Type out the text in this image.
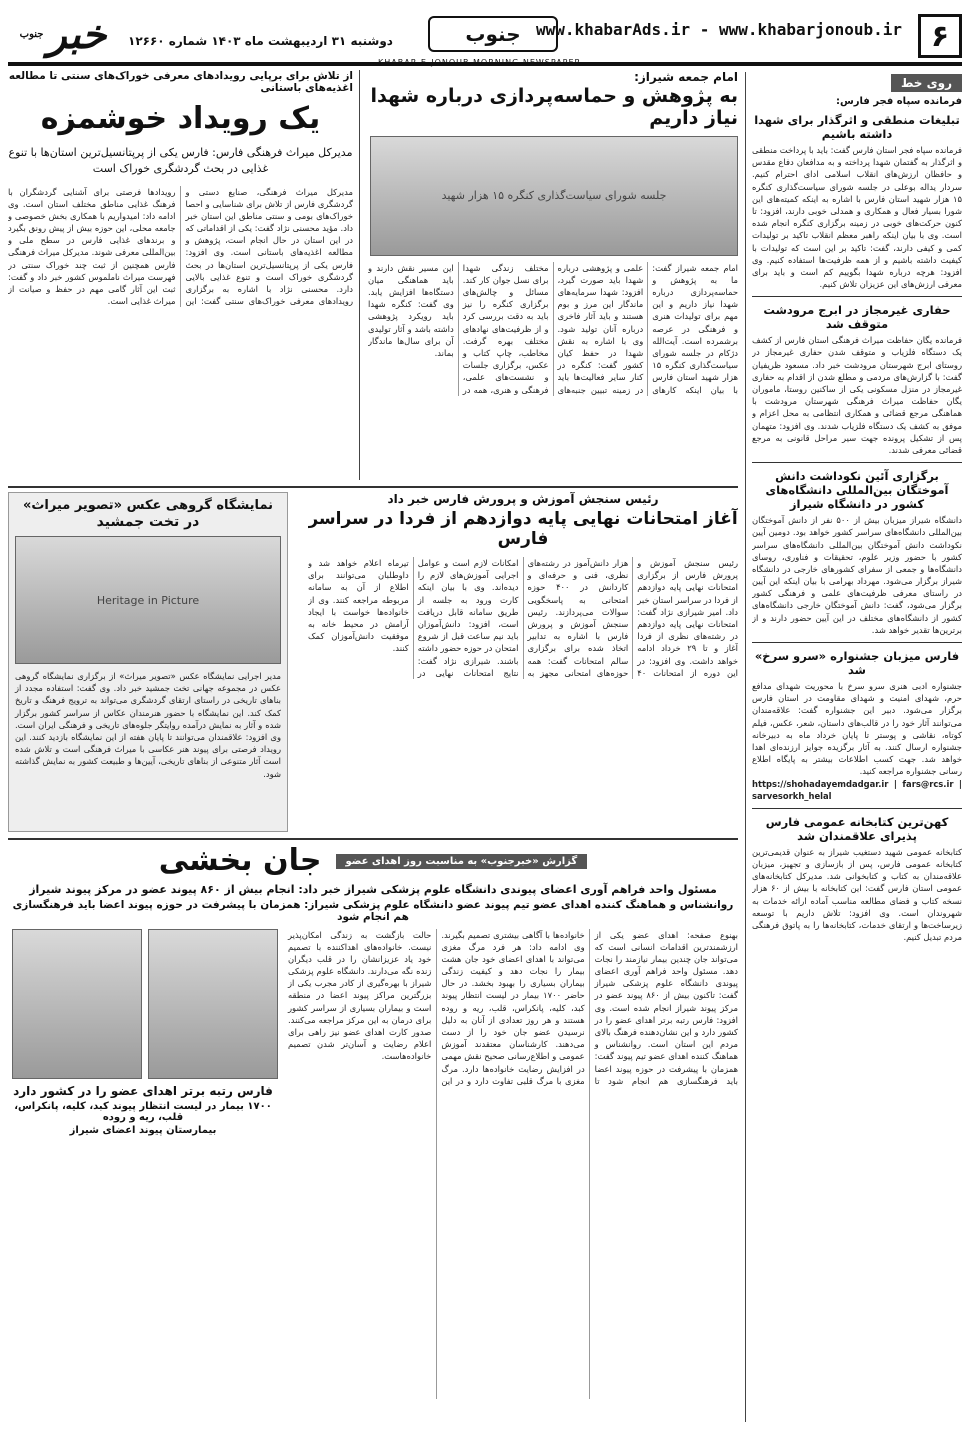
۶
www.khabarAds.ir - www.khabarjonoub.ir
جنوب
خبر
جنوب	دوشنبه ۳۱ اردیبهشت ماه ۱۴۰۳ شماره ۱۲۶۶۰
روی خط
فرمانده سپاه فجر فارس:
تبلیغات منطقی و اثرگذار برای شهدا داشته باشیم
فرمانده سپاه فجر استان فارس گفت: باید با پرداخت منطقی و اثرگذار به گفتمان شهدا پرداخته و به مدافعان دفاع مقدس و حافظان ارزش‌های انقلاب اسلامی ادای احترام کنیم. سردار یداله بوعلی در جلسه شورای سیاست‌گذاری کنگره ۱۵ هزار شهید استان فارس با اشاره به اینکه کمیته‌های این شورا بسیار فعال و همکاری و همدلی خوبی دارند، افزود: تا کنون حرکت‌های خوبی در زمینه برگزاری کنگره انجام شده است. وی با بیان اینکه راهبر معظم انقلاب تاکید بر تولیدات کمی و کیفی دارند، گفت: تاکید بر این است که تولیدات با کیفیت داشته باشیم و از همه ظرفیت‌ها استفاده کنیم. وی افزود: هرچه درباره شهدا بگوییم کم است و باید برای معرفی ارزش‌های این عزیزان تلاش کنیم.
حفاری غیرمجاز در ابرج مرودشت متوقف شد
فرمانده یگان حفاظت میراث فرهنگی استان فارس از کشف یک دستگاه فلزیاب و متوقف شدن حفاری غیرمجاز در روستای ابرج شهرستان مرودشت خبر داد. مسعود ظریفیان گفت: با گزارش‌های مردمی و مطلع شدن از اقدام به حفاری غیرمجاز در منزل مسکونی یکی از ساکنین روستا، ماموران یگان حفاظت میراث فرهنگی شهرستان مرودشت با هماهنگی مرجع قضائی و همکاری انتظامی به محل اعزام و موفق به کشف یک دستگاه فلزیاب شدند. وی افزود: متهمان پس از تشکیل پرونده جهت سیر مراحل قانونی به مرجع قضائی معرفی شدند.
برگزاری آئین نکوداشت دانش آموختگان بین‌المللی دانشگاه‌های کشور در دانشگاه شیراز
دانشگاه شیراز میزبان بیش از ۵۰۰ نفر از دانش آموختگان بین‌المللی دانشگاه‌های سراسر کشور خواهد بود. دومین آیین نکوداشت دانش آموختگان بین‌المللی دانشگاه‌های سراسر کشور با حضور وزیر علوم، تحقیقات و فناوری، روسای دانشگاه‌ها و جمعی از سفرای کشورهای خارجی در دانشگاه شیراز برگزار می‌شود. مهرداد بهرامی با بیان اینکه این آیین در راستای معرفی ظرفیت‌های علمی و فرهنگی کشور برگزار می‌شود، گفت: دانش آموختگان خارجی دانشگاه‌های کشور از دانشگاه‌های مختلف در این آیین حضور دارند و از برترین‌ها تقدیر خواهد شد.
فارس میزبان جشنواره «سرو سرخ» شد
جشنواره ادبی هنری سرو سرخ با محوریت شهدای مدافع حرم، شهدای امنیت و شهدای مقاومت در استان فارس برگزار می‌شود. دبیر این جشنواره گفت: علاقه‌مندان می‌توانند آثار خود را در قالب‌های داستان، شعر، عکس، فیلم کوتاه، نقاشی و پوستر تا پایان خرداد ماه به دبیرخانه جشنواره ارسال کنند. به آثار برگزیده جوایز ارزنده‌ای اهدا خواهد شد. جهت کسب اطلاعات بیشتر به پایگاه اطلاع رسانی جشنواره مراجعه کنید.
https://shohadayemdadgar.ir | fars@rcs.ir | sarvesorkh_helal
کهن‌ترین کتابخانه عمومی فارس پذیرای علاقمندان شد
کتابخانه عمومی شهید دستغیب شیراز به عنوان قدیمی‌ترین کتابخانه عمومی فارس، پس از بازسازی و تجهیز، میزبان علاقه‌مندان به کتاب و کتابخوانی شد. مدیرکل کتابخانه‌های عمومی استان فارس گفت: این کتابخانه با بیش از ۶۰ هزار نسخه کتاب و فضای مطالعه مناسب آماده ارائه خدمات به شهروندان است. وی افزود: تلاش داریم با توسعه زیرساخت‌ها و ارتقای خدمات، کتابخانه‌ها را به پاتوق فرهنگی مردم تبدیل کنیم.
امام جمعه شیراز:
به پژوهش و حماسه‌پردازی درباره شهدا نیاز داریم
جلسه شورای سیاست‌گذاری کنگره ۱۵ هزار شهید
امام جمعه شیراز گفت: ما به پژوهش و حماسه‌پردازی درباره شهدا نیاز داریم و این مهم برای تولیدات هنری و فرهنگی در عرصه برشمرده است. آیت‌الله دژکام در جلسه شورای سیاست‌گذاری کنگره ۱۵ هزار شهید استان فارس با بیان اینکه کارهای علمی و پژوهشی درباره شهدا باید صورت گیرد، افزود: شهدا سرمایه‌های ماندگار این مرز و بوم هستند و باید آثار فاخری درباره آنان تولید شود. وی با اشاره به نقش شهدا در حفظ کیان کشور گفت: کنگره در کنار سایر فعالیت‌ها باید در زمینه تبیین جنبه‌های مختلف زندگی شهدا برای نسل جوان کار کند. مسائل و چالش‌های برگزاری کنگره را نیز باید به دقت بررسی کرد و از ظرفیت‌های نهادهای مختلف بهره گرفت. مخاطب، چاپ کتاب و عکس، برگزاری جلسات و نشست‌های علمی، فرهنگی و هنری، همه در این مسیر نقش دارند و باید هماهنگی میان دستگاه‌ها افزایش یابد. وی گفت: کنگره شهدا باید رویکرد پژوهشی داشته باشد و آثار تولیدی آن برای سال‌ها ماندگار بماند.
از تلاش برای برپایی رویدادهای معرفی خوراک‌های سنتی تا مطالعه اغذیه‌های باستانی
یک رویداد خوشمزه
مدیرکل میراث فرهنگی فارس: فارس یکی از پرپتانسیل‌ترین استان‌ها با تنوع غذایی در بحث گردشگری خوراک است
مدیرکل میراث فرهنگی، صنایع دستی و گردشگری فارس از تلاش برای شناسایی و احصا خوراک‌های بومی و سنتی مناطق این استان خبر داد. مؤید محسنی نژاد گفت: یکی از اقداماتی که در این استان در حال انجام است، پژوهش و مطالعه اغذیه‌های باستانی است. وی افزود: فارس یکی از پرپتانسیل‌ترین استان‌ها در بحث گردشگری خوراک است و تنوع غذایی بالایی دارد. محسنی نژاد با اشاره به برگزاری رویدادهای معرفی خوراک‌های سنتی گفت: این رویدادها فرصتی برای آشنایی گردشگران با فرهنگ غذایی مناطق مختلف استان است. وی ادامه داد: امیدواریم با همکاری بخش خصوصی و جامعه محلی، این حوزه بیش از پیش رونق بگیرد و برندهای غذایی فارس در سطح ملی و بین‌المللی معرفی شوند. مدیرکل میراث فرهنگی فارس همچنین از ثبت چند خوراک سنتی در فهرست میراث ناملموس کشور خبر داد و گفت: ثبت این آثار گامی مهم در حفظ و صیانت از میراث غذایی است.
نمایشگاه گروهی عکس «تصویر میراث»
در تخت جمشید
Heritage in Picture
مدیر اجرایی نمایشگاه عکس «تصویر میراث» از برگزاری نمایشگاه گروهی عکس در مجموعه جهانی تخت جمشید خبر داد. وی گفت: استفاده مجدد از بناهای تاریخی در راستای ارتقای گردشگری می‌تواند به ترویج فرهنگ و تاریخ کمک کند. این نمایشگاه با حضور هنرمندان عکاس از سراسر کشور برگزار شده و آثار به نمایش درآمده روایتگر جلوه‌های تاریخی و فرهنگی ایران است. وی افزود: علاقمندان می‌توانند تا پایان هفته از این نمایشگاه بازدید کنند. این رویداد فرصتی برای پیوند هنر عکاسی با میراث فرهنگی است و تلاش شده است آثار متنوعی از بناهای تاریخی، آیین‌ها و طبیعت کشور به نمایش گذاشته شود.
رئیس سنجش آموزش و پرورش فارس خبر داد
آغاز امتحانات نهایی پایه دوازدهم از فردا در سراسر فارس
رئیس سنجش آموزش و پرورش فارس از برگزاری امتحانات نهایی پایه دوازدهم از فردا در سراسر استان خبر داد. امیر شیرازی نژاد گفت: امتحانات نهایی پایه دوازدهم در رشته‌های نظری از فردا آغاز و تا ۲۹ خرداد ادامه خواهد داشت. وی افزود: در این دوره از امتحانات ۴۰ هزار دانش‌آموز در رشته‌های نظری، فنی و حرفه‌ای و کاردانش در ۴۰۰ حوزه امتحانی به پاسخگویی سوالات می‌پردازند. رئیس سنجش آموزش و پرورش فارس با اشاره به تدابیر اتخاذ شده برای برگزاری سالم امتحانات گفت: همه حوزه‌های امتحانی مجهز به امکانات لازم است و عوامل اجرایی آموزش‌های لازم را دیده‌اند. وی با بیان اینکه کارت ورود به جلسه از طریق سامانه قابل دریافت است، افزود: دانش‌آموزان باید نیم ساعت قبل از شروع امتحان در حوزه حضور داشته باشند. شیرازی نژاد گفت: نتایج امتحانات نهایی در تیرماه اعلام خواهد شد و داوطلبان می‌توانند برای اطلاع از آن به سامانه مربوطه مراجعه کنند. وی از خانواده‌ها خواست با ایجاد آرامش در محیط خانه به موفقیت دانش‌آموزان کمک کنند.
گزارش «خبرجنوب» به مناسبت روز اهدای عضو
جان بخشی
مسئول واحد فراهم آوری اعضای پیوندی دانشگاه علوم پزشکی شیراز خبر داد: انجام بیش از ۸۶۰ پیوند عضو در مرکز پیوند شیراز
روانشناس و هماهنگ کننده اهدای عضو تیم پیوند عضو دانشگاه علوم پزشکی شیراز: همزمان با پیشرفت در حوزه پیوند اعضا باید فرهنگسازی هم انجام شود
بهنوع صفحه: اهدای عضو یکی از ارزشمندترین اقدامات انسانی است که می‌تواند جان چندین بیمار نیازمند را نجات دهد. مسئول واحد فراهم آوری اعضای پیوندی دانشگاه علوم پزشکی شیراز گفت: تاکنون بیش از ۸۶۰ پیوند عضو در مرکز پیوند شیراز انجام شده است. وی افزود: فارس رتبه برتر اهدای عضو را در کشور دارد و این نشان‌دهنده فرهنگ بالای مردم این استان است. روانشناس و هماهنگ کننده اهدای عضو تیم پیوند گفت: همزمان با پیشرفت در حوزه پیوند اعضا باید فرهنگسازی هم انجام شود تا خانواده‌ها با آگاهی بیشتری تصمیم بگیرند. وی ادامه داد: هر فرد مرگ مغزی می‌تواند با اهدای اعضای خود جان هشت بیمار را نجات دهد و کیفیت زندگی بیماران بسیاری را بهبود بخشد. در حال حاضر ۱۷۰۰ بیمار در لیست انتظار پیوند کبد، کلیه، پانکراس، قلب، ریه و روده هستند و هر روز تعدادی از آنان به دلیل نرسیدن عضو جان خود را از دست می‌دهند. کارشناسان معتقدند آموزش عمومی و اطلاع‌رسانی صحیح نقش مهمی در افزایش رضایت خانواده‌ها دارد. مرگ مغزی با مرگ قلبی تفاوت دارد و در این حالت بازگشت به زندگی امکان‌پذیر نیست. خانواده‌های اهداکننده با تصمیم خود یاد عزیزانشان را در قلب دیگران زنده نگه می‌دارند. دانشگاه علوم پزشکی شیراز با بهره‌گیری از کادر مجرب یکی از بزرگترین مراکز پیوند اعضا در منطقه است و بیماران بسیاری از سراسر کشور برای درمان به این مرکز مراجعه می‌کنند. صدور کارت اهدای عضو نیز راهی برای اعلام رضایت و آسان‌تر شدن تصمیم خانواده‌هاست.
فارس رتبه برتر اهدای عضو را در کشور دارد
۱۷۰۰ بیمار در لیست انتظار پیوند کبد، کلیه، پانکراس، قلب، ریه و روده
بیمارستان پیوند اعضای شیراز
